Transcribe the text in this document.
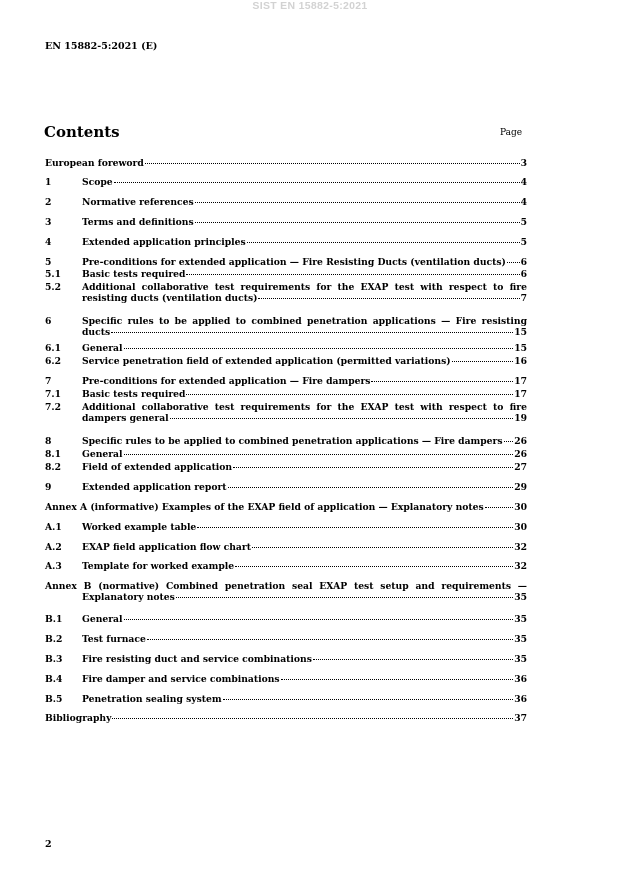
SIST EN 15882-5:2021
EN 15882-5:2021 (E)
Contents	Page
European foreword	3
1	Scope	4
2	Normative references	4
3	Terms and definitions	5
4	Extended application principles	5
5	Pre-conditions for extended application — Fire Resisting Ducts (ventilation ducts) 6
5.1 Basic tests required	6
5.2 Additional collaborative test requirements for the EXAP test with respect to fire
resisting ducts (ventilation ducts)	7
6	Specific rules to be applied to combined penetration applications — Fire resisting
ducts	15
6.1 General	15
6.2 Service penetration field of extended application (permitted variations)	16
7	Pre-conditions for extended application — Fire dampers	17
7.1 Basic tests required	17
7.2 Additional collaborative test requirements for the EXAP test with respect to fire
dampers general	19
8	Specific rules to be applied to combined penetration applications — Fire dampers 26
8.1 General	26
8.2 Field of extended application	27
9	Extended application report	29
Annex A (informative) Examples of the EXAP field of application — Explanatory notes	30
A.1 Worked example table	30
A.2 EXAP field application flow chart	32
A.3 Template for worked example	32
Annex B (normative) Combined penetration seal EXAP test setup and requirements —
Explanatory notes	35
B.1 General	35
B.2 Test furnace	35
B.3 Fire resisting duct and service combinations	35
B.4 Fire damper and service combinations	36
B.5 Penetration sealing system	36
Bibliography	37
2
